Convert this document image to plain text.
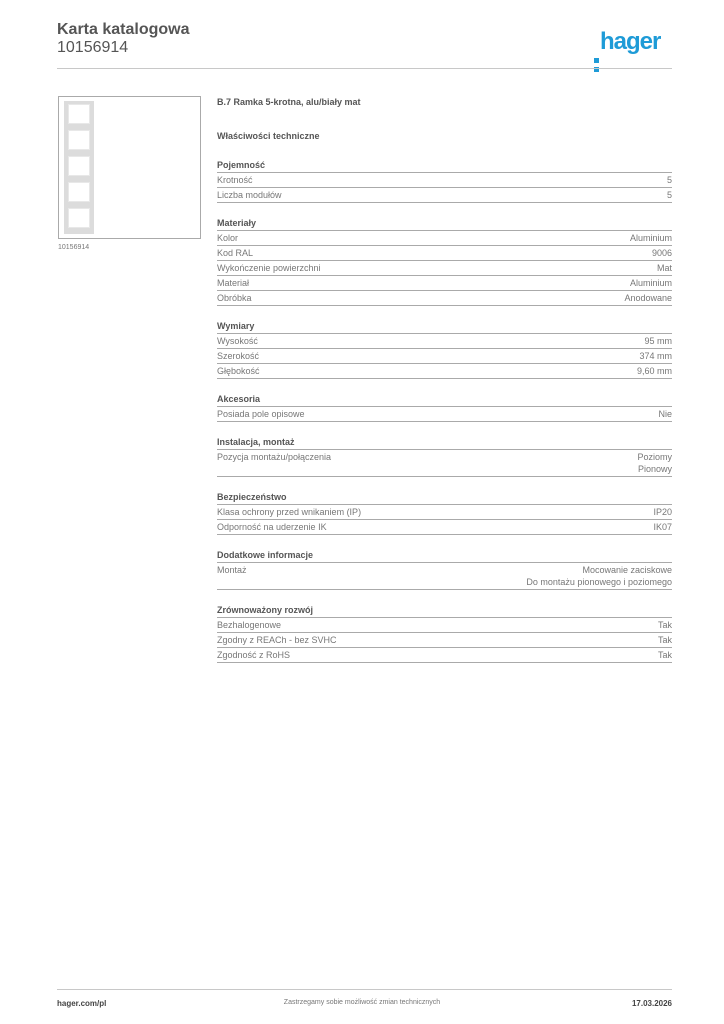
Karta katalogowa
10156914	hager
10156914
B.7 Ramka 5-krotna, alu/biały mat
Właściwości techniczne
Pojemność
Krotność	5
Liczba modułów	5
Materiały
Kolor	Aluminium
Kod RAL	9006
Wykończenie powierzchni	Mat
Materiał	Aluminium
Obróbka	Anodowane
Wymiary
Wysokość	95 mm
Szerokość	374 mm
Głębokość	9,60 mm
Akcesoria
Posiada pole opisowe	Nie
Instalacja, montaż
Pozycja montażu/połączenia	Poziomy
Pionowy
Bezpieczeństwo
Klasa ochrony przed wnikaniem (IP)	IP20
Odporność na uderzenie IK	IK07
Dodatkowe informacje
Montaż	Mocowanie zaciskowe
Do montażu pionowego i poziomego
Zrównoważony rozwój
Bezhalogenowe	Tak
Zgodny z REACh - bez SVHC	Tak
Zgodność z RoHS	Tak
hager.com/pl	Zastrzegamy sobie możliwość zmian technicznych	17.03.2026
